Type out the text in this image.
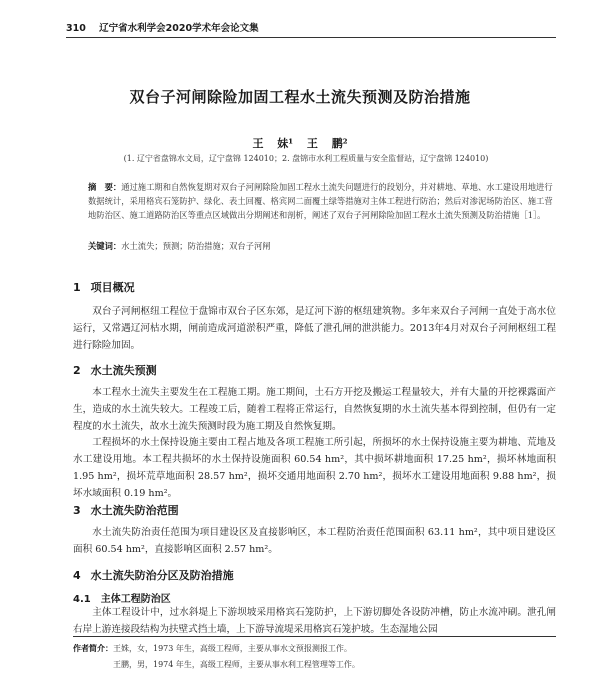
310 辽宁省水利学会2020学术年会论文集
双台子河闸除险加固工程水土流失预测及防治措施
王 妹¹ 王 鹏²
(1. 辽宁省盘锦水文局，辽宁盘锦 124010；2. 盘锦市水利工程质量与安全监督站，辽宁盘锦 124010)
摘　要：通过施工期和自然恢复期对双台子河闸除险加固工程水土流失问题进行的段划分，并对耕地、草地、水工建设用地进行数据统计，采用格宾石笼防护、绿化、表土回覆、格宾网二面覆土绿等措施对主体工程进行防治；然后对渗泥场防治区、施工营地防治区、施工道路防治区等重点区域做出分期阐述和剖析，阐述了双台子河闸除险加固工程水土流失预测及防治措施［1］。
关键词：水土流失；预测；防治措施；双台子河闸
1 项目概况
双台子河闸枢纽工程位于盘锦市双台子区东郊，是辽河下游的枢纽建筑物。多年来双台子河闸一直处于高水位运行，又常遇辽河枯水期，闸前造成河道淤积严重，降低了泄孔闸的泄洪能力。2013年4月对双台子河闸枢纽工程进行除险加固。
2 水土流失预测
本工程水土流失主要发生在工程施工期。施工期间，土石方开挖及搬运工程量较大，并有大量的开挖裸露面产生，造成的水土流失较大。工程竣工后，随着工程将正常运行，自然恢复期的水土流失基本得到控制，但仍有一定程度的水土流失，故水土流失预测时段为施工期及自然恢复期。
工程损坏的水土保持设施主要由工程占地及各项工程施工所引起，所损坏的水土保持设施主要为耕地、荒地及水工建设用地。本工程共损坏的水土保持设施面积 60.54 hm²，其中损坏耕地面积 17.25 hm²，损坏林地面积 1.95 hm²，损坏荒草地面积 28.57 hm²，损坏交通用地面积 2.70 hm²，损坏水工建设用地面积 9.88 hm²，损坏水域面积 0.19 hm²。
3 水土流失防治范围
水土流失防治责任范围为项目建设区及直接影响区，本工程防治责任范围面积 63.11 hm²，其中项目建设区面积 60.54 hm²，直接影响区面积 2.57 hm²。
4 水土流失防治分区及防治措施
4.1 主体工程防治区
主体工程设计中，过水斜堤上下游坝坡采用格宾石笼防护，上下游切脚处各设防冲槽，防止水流冲刷。泄孔闸右岸上游连接段结构为扶壁式挡土墙，上下游导流堤采用格宾石笼护坡。生态湿地公园
作者简介：王姝，女，1973 年生，高级工程师，主要从事水文预报测报工作。
王鹏，男，1974 年生，高级工程师，主要从事水利工程管理等工作。
